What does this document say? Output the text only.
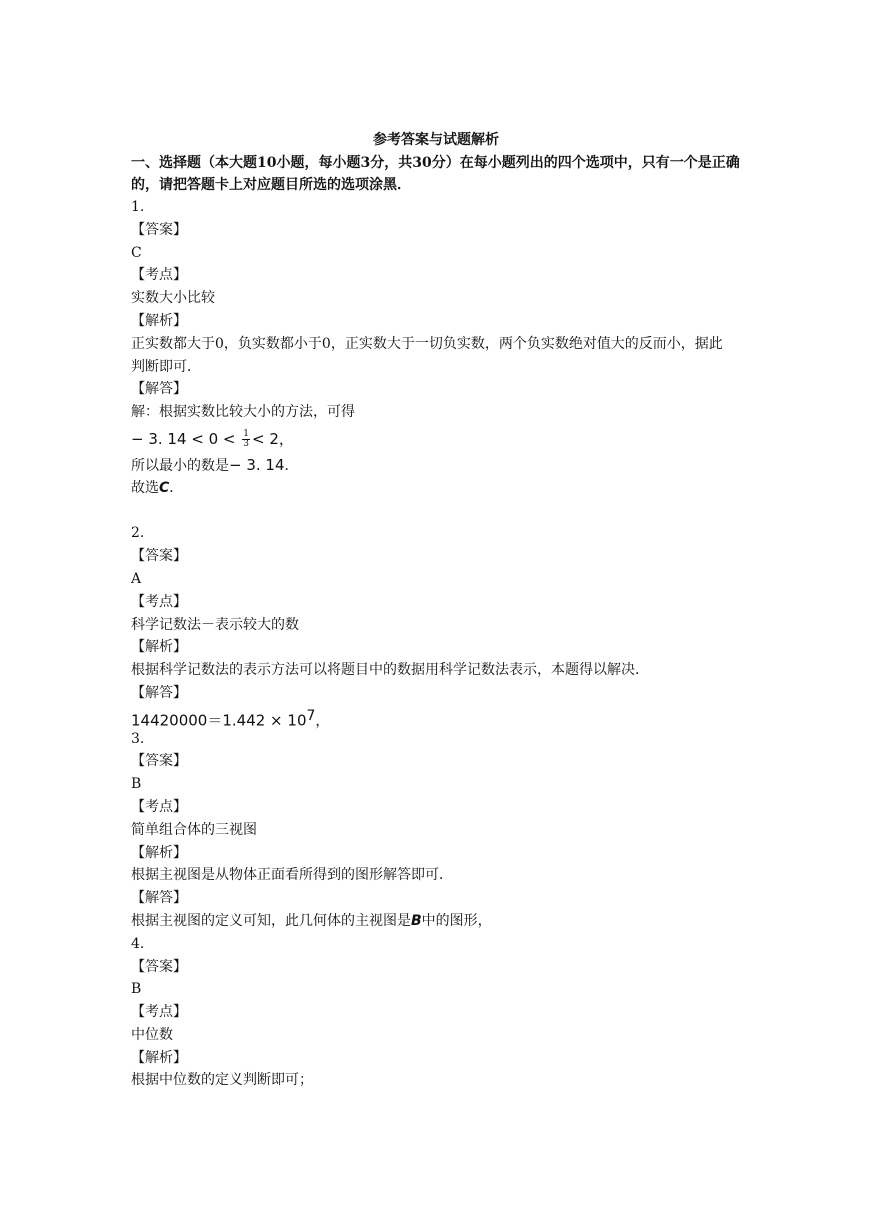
参考答案与试题解析
一、选择题（本大题10小题，每小题3分，共30分）在每小题列出的四个选项中，只有一个是正确的，请把答题卡上对应题目所选的选项涂黑．
1.
【答案】
C
【考点】
实数大小比较
【解析】
正实数都大于0，负实数都小于0，正实数大于一切负实数，两个负实数绝对值大的反而小，据此判断即可．
【解答】
解：根据实数比较大小的方法，可得
− 3. $14 < 0 < \frac{1}{3} < 2$，
所以最小的数是− 3. 14．
故选C．
2.
【答案】
A
【考点】
科学记数法－表示较大的数
【解析】
根据科学记数法的表示方法可以将题目中的数据用科学记数法表示，本题得以解决．
【解答】
$14420000=1.442 \times 10^7$，
3.
【答案】
B
【考点】
简单组合体的三视图
【解析】
根据主视图是从物体正面看所得到的图形解答即可．
【解答】
根据主视图的定义可知，此几何体的主视图是B中的图形，
4.
【答案】
B
【考点】
中位数
【解析】
根据中位数的定义判断即可；
